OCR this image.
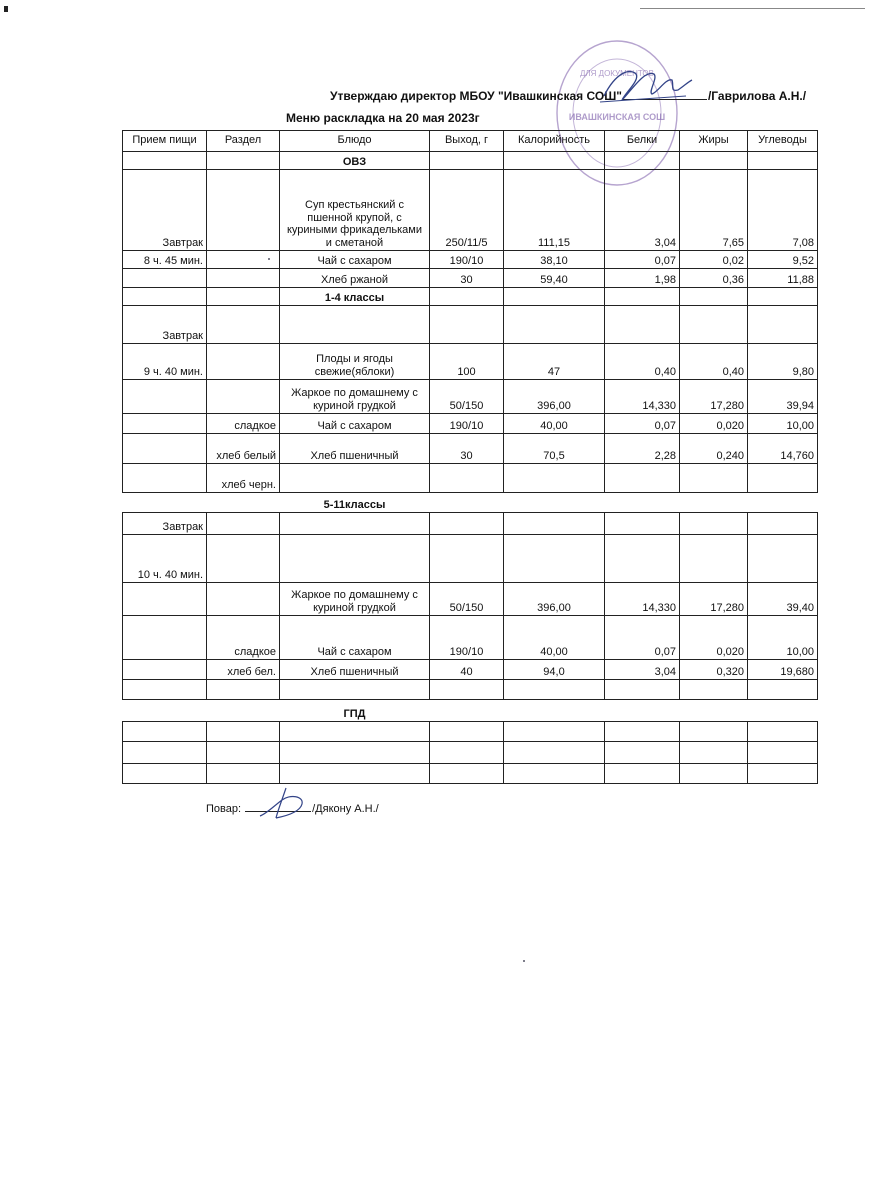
ДЛЯ ДОКУМЕНТОВ
ИВАШКИНСКАЯ СОШ
Утверждаю директор МБОУ "Ивашкинская СОШ"	/Гаврилова А.Н./
Меню раскладка на 20 мая 2023г
Прием пищи	Раздел	Блюдо	Выход, г	Калорийность	Белки	Жиры	Углеводы
		ОВЗ					
Завтрак		Суп крестьянский с пшенной крупой, с куриными фрикадельками и сметаной	250/11/5	111,15	3,04	7,65	7,08
8 ч. 45 мин.		Чай с сахаром	190/10	38,10	0,07	0,02	9,52
		Хлеб ржаной	30	59,40	1,98	0,36	11,88
		1-4 классы					
Завтрак							
9 ч. 40 мин.		Плоды и ягоды свежие(яблоки)	100	47	0,40	0,40	9,80
		Жаркое по домашнему с куриной грудкой	50/150	396,00	14,330	17,280	39,94
	сладкое	Чай с сахаром	190/10	40,00	0,07	0,020	10,00
	хлеб белый	Хлеб пшеничный	30	70,5	2,28	0,240	14,760
	хлеб черн.						
		5-11классы					
Завтрак							
10 ч. 40 мин.							
		Жаркое по домашнему с куриной грудкой	50/150	396,00	14,330	17,280	39,40
	сладкое	Чай с сахаром	190/10	40,00	0,07	0,020	10,00
	хлеб бел.	Хлеб пшеничный	40	94,0	3,04	0,320	19,680

		ГПД					

Повар:	/Дякону А.Н./
